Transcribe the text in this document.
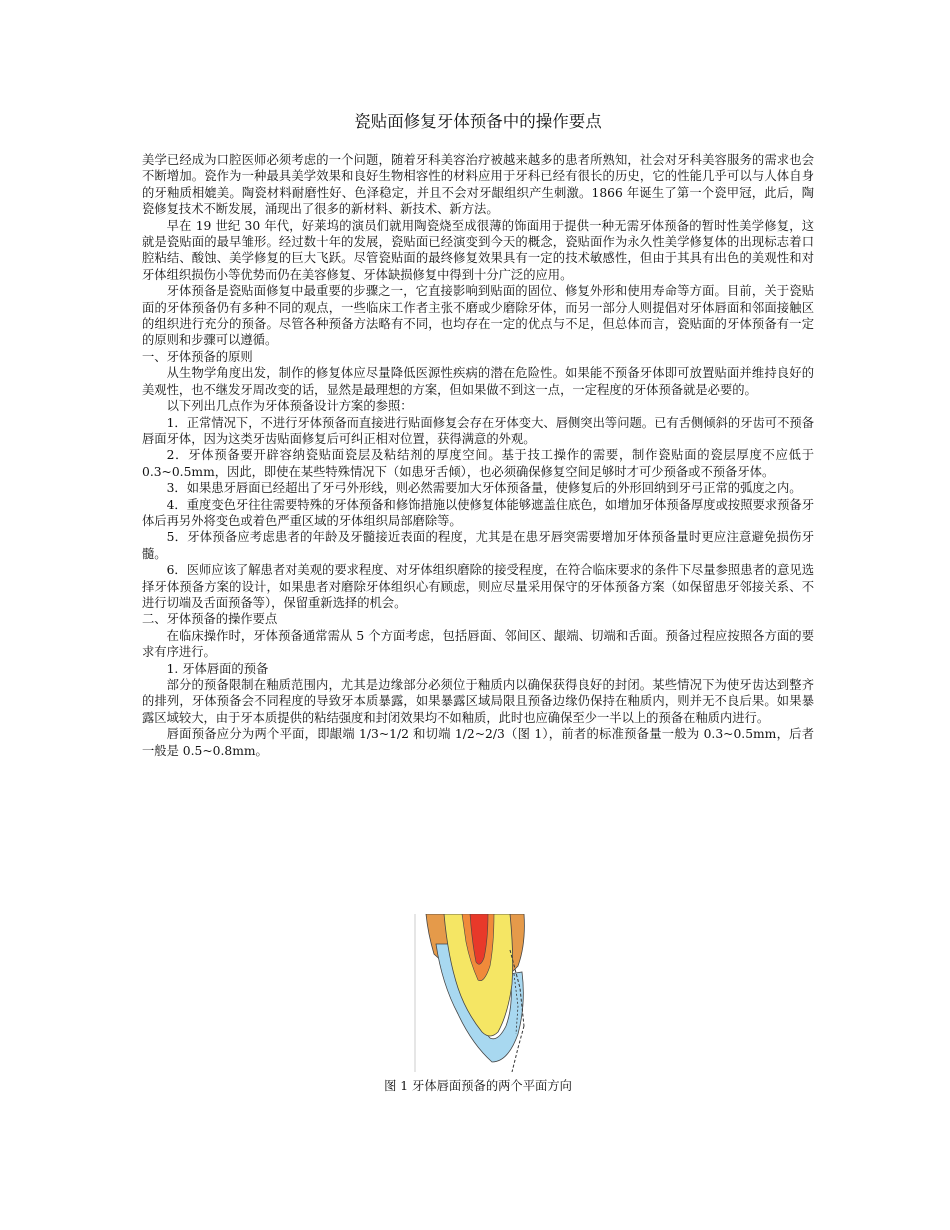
瓷贴面修复牙体预备中的操作要点

美学已经成为口腔医师必须考虑的一个问题，随着牙科美容治疗被越来越多的患者所熟知，社会对牙科美容服务的需求也会不断增加。瓷作为一种最具美学效果和良好生物相容性的材料应用于牙科已经有很长的历史，它的性能几乎可以与人体自身的牙釉质相媲美。陶瓷材料耐磨性好、色泽稳定，并且不会对牙龈组织产生刺激。1866 年诞生了第一个瓷甲冠，此后，陶瓷修复技术不断发展，涌现出了很多的新材料、新技术、新方法。

早在 19 世纪 30 年代，好莱坞的演员们就用陶瓷烧至成很薄的饰面用于提供一种无需牙体预备的暂时性美学修复，这就是瓷贴面的最早雏形。经过数十年的发展，瓷贴面已经演变到今天的概念，瓷贴面作为永久性美学修复体的出现标志着口腔粘结、酸蚀、美学修复的巨大飞跃。尽管瓷贴面的最终修复效果具有一定的技术敏感性，但由于其具有出色的美观性和对牙体组织损伤小等优势而仍在美容修复、牙体缺损修复中得到十分广泛的应用。

牙体预备是瓷贴面修复中最重要的步骤之一，它直接影响到贴面的固位、修复外形和使用寿命等方面。目前，关于瓷贴面的牙体预备仍有多种不同的观点，一些临床工作者主张不磨或少磨除牙体，而另一部分人则提倡对牙体唇面和邻面接触区的组织进行充分的预备。尽管各种预备方法略有不同，也均存在一定的优点与不足，但总体而言，瓷贴面的牙体预备有一定的原则和步骤可以遵循。

一、牙体预备的原则

从生物学角度出发，制作的修复体应尽量降低医源性疾病的潜在危险性。如果能不预备牙体即可放置贴面并维持良好的美观性，也不继发牙周改变的话，显然是最理想的方案，但如果做不到这一点，一定程度的牙体预备就是必要的。

以下列出几点作为牙体预备设计方案的参照：

1．正常情况下，不进行牙体预备而直接进行贴面修复会存在牙体变大、唇侧突出等问题。已有舌侧倾斜的牙齿可不预备唇面牙体，因为这类牙齿贴面修复后可纠正相对位置，获得满意的外观。

2．牙体预备要开辟容纳瓷贴面瓷层及粘结剂的厚度空间。基于技工操作的需要，制作瓷贴面的瓷层厚度不应低于 0.3~0.5mm，因此，即使在某些特殊情况下（如患牙舌倾），也必须确保修复空间足够时才可少预备或不预备牙体。

3．如果患牙唇面已经超出了牙弓外形线，则必然需要加大牙体预备量，使修复后的外形回纳到牙弓正常的弧度之内。

4．重度变色牙往往需要特殊的牙体预备和修饰措施以使修复体能够遮盖住底色，如增加牙体预备厚度或按照要求预备牙体后再另外将变色或着色严重区域的牙体组织局部磨除等。

5．牙体预备应考虑患者的年龄及牙髓接近表面的程度，尤其是在患牙唇突需要增加牙体预备量时更应注意避免损伤牙髓。

6．医师应该了解患者对美观的要求程度、对牙体组织磨除的接受程度，在符合临床要求的条件下尽量参照患者的意见选择牙体预备方案的设计，如果患者对磨除牙体组织心有顾虑，则应尽量采用保守的牙体预备方案（如保留患牙邻接关系、不进行切端及舌面预备等），保留重新选择的机会。

二、牙体预备的操作要点

在临床操作时，牙体预备通常需从 5 个方面考虑，包括唇面、邻间区、龈端、切端和舌面。预备过程应按照各方面的要求有序进行。

1. 牙体唇面的预备

部分的预备限制在釉质范围内，尤其是边缘部分必须位于釉质内以确保获得良好的封闭。某些情况下为使牙齿达到整齐的排列，牙体预备会不同程度的导致牙本质暴露，如果暴露区域局限且预备边缘仍保持在釉质内，则并无不良后果。如果暴露区域较大，由于牙本质提供的粘结强度和封闭效果均不如釉质，此时也应确保至少一半以上的预备在釉质内进行。

唇面预备应分为两个平面，即龈端 1/3~1/2 和切端 1/2~2/3（图 1），前者的标准预备量一般为 0.3~0.5mm，后者一般是 0.5~0.8mm。

图 1 牙体唇面预备的两个平面方向
